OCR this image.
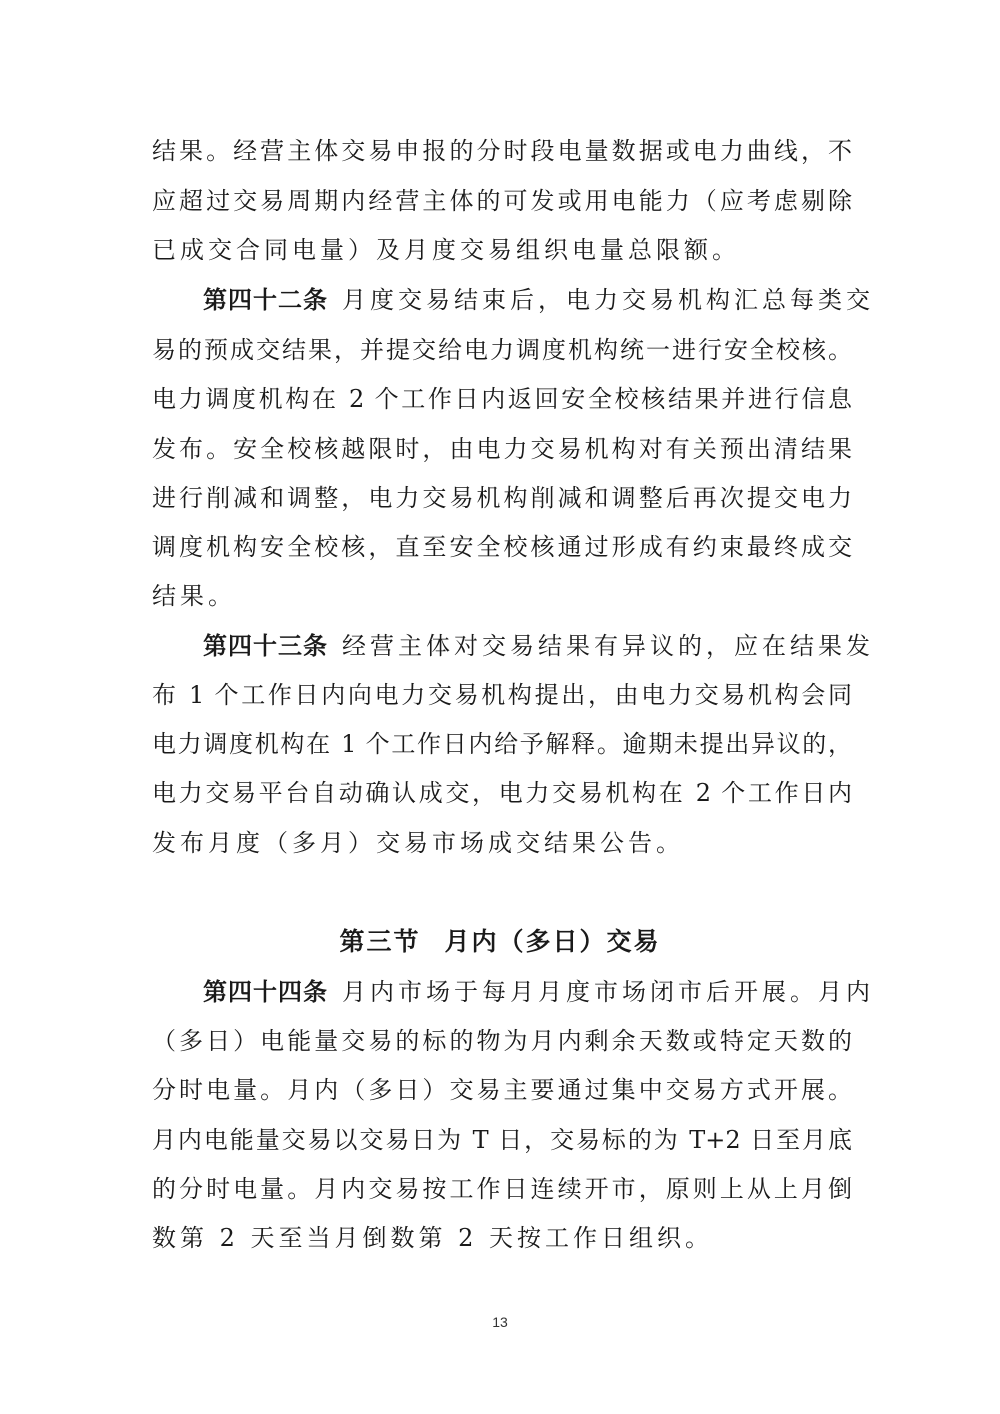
结果。经营主体交易申报的分时段电量数据或电力曲线，不
应超过交易周期内经营主体的可发或用电能力（应考虑剔除
已成交合同电量）及月度交易组织电量总限额。
第四十二条 月度交易结束后，电力交易机构汇总每类交
易的预成交结果，并提交给电力调度机构统一进行安全校核。
电力调度机构在 2 个工作日内返回安全校核结果并进行信息
发布。安全校核越限时，由电力交易机构对有关预出清结果
进行削减和调整，电力交易机构削减和调整后再次提交电力
调度机构安全校核，直至安全校核通过形成有约束最终成交
结果。
第四十三条 经营主体对交易结果有异议的，应在结果发
布 1 个工作日内向电力交易机构提出，由电力交易机构会同
电力调度机构在 1 个工作日内给予解释。逾期未提出异议的，
电力交易平台自动确认成交，电力交易机构在 2 个工作日内
发布月度（多月）交易市场成交结果公告。
第三节 月内（多日）交易
第四十四条 月内市场于每月月度市场闭市后开展。月内
（多日）电能量交易的标的物为月内剩余天数或特定天数的
分时电量。月内（多日）交易主要通过集中交易方式开展。
月内电能量交易以交易日为 T 日，交易标的为 T+2 日至月底
的分时电量。月内交易按工作日连续开市，原则上从上月倒
数第 2 天至当月倒数第 2 天按工作日组织。
13
